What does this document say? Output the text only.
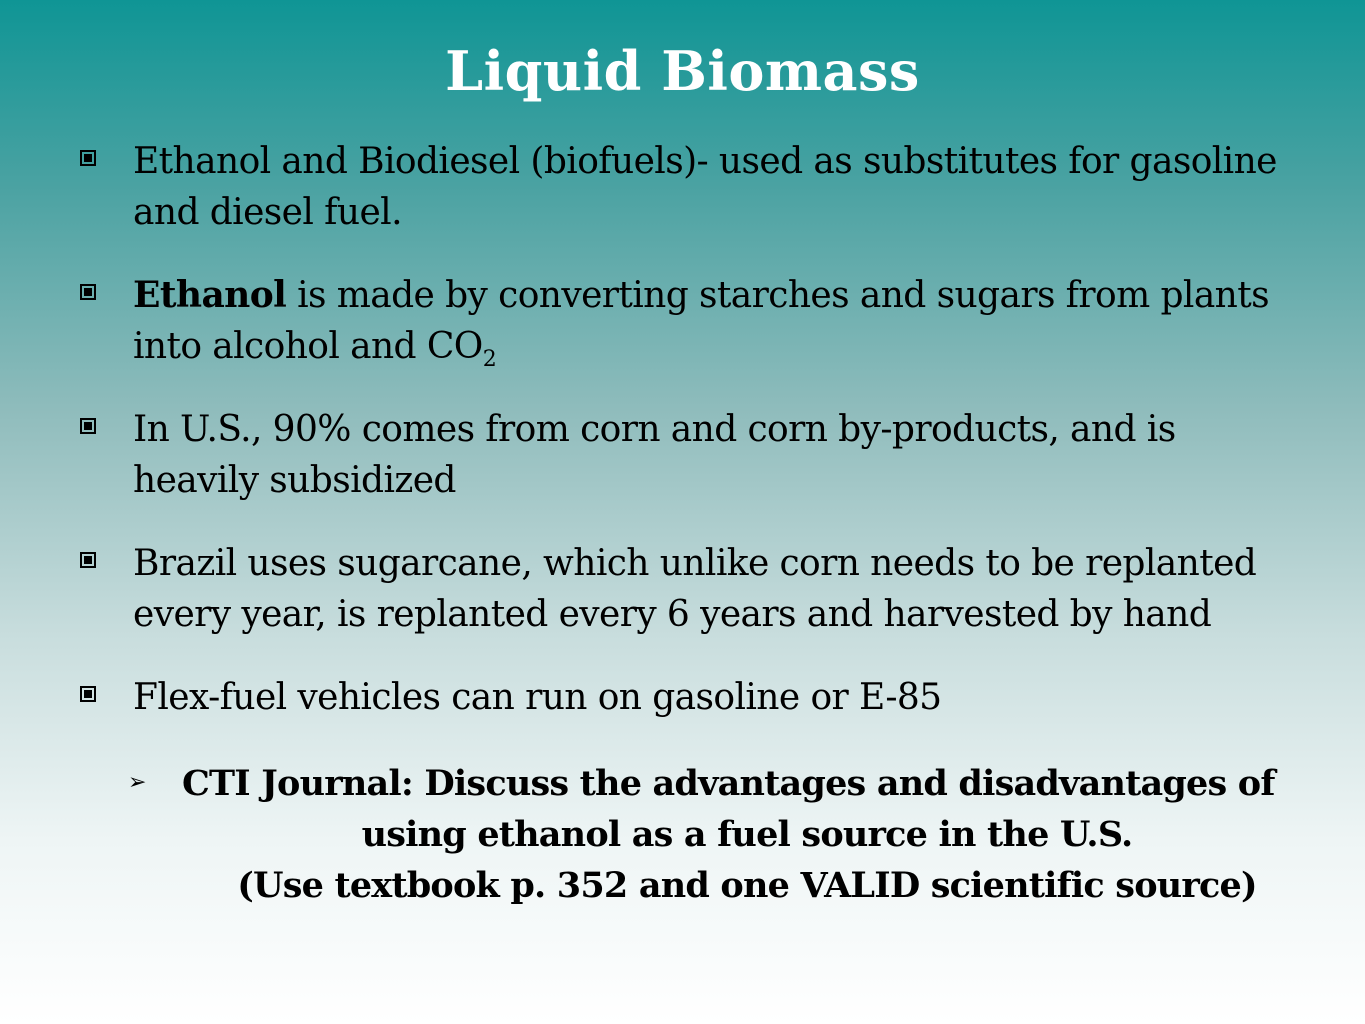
Liquid Biomass
Ethanol and Biodiesel (biofuels)- used as substitutes for gasoline
and diesel fuel.
Ethanol is made by converting starches and sugars from plants
into alcohol and $CO_2$
In U.S., 90% comes from corn and corn by-products, and is
heavily subsidized
Brazil uses sugarcane, which unlike corn needs to be replanted
every year, is replanted every 6 years and harvested by hand
Flex-fuel vehicles can run on gasoline or E-85
➢ CTI Journal: Discuss the advantages and disadvantages of
using ethanol as a fuel source in the U.S.
(Use textbook p. 352 and one VALID scientific source)
